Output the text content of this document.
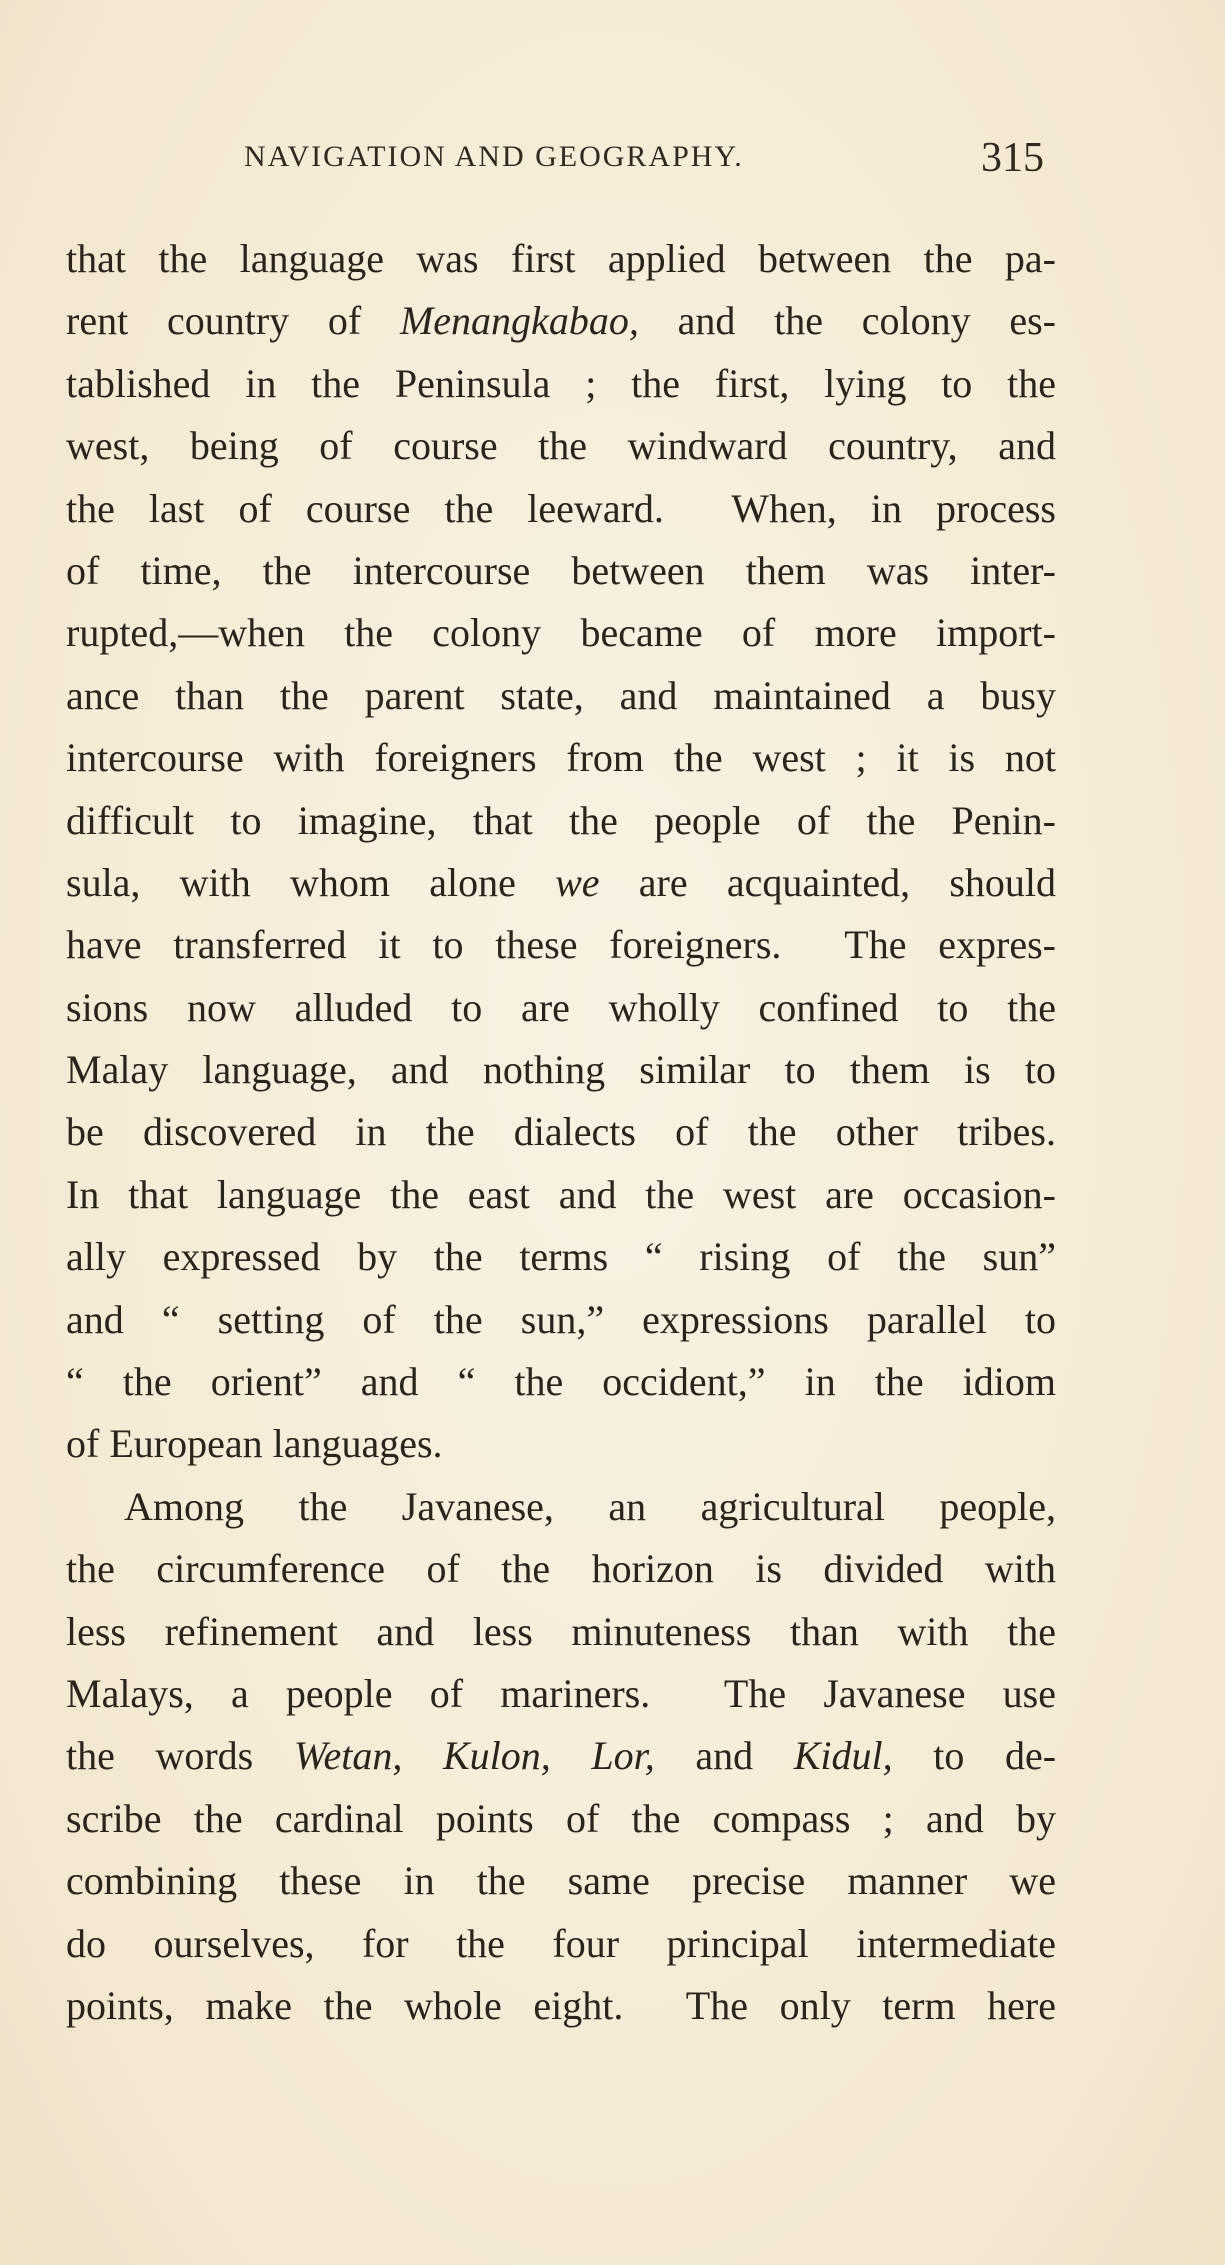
NAVIGATION AND GEOGRAPHY.	315
that the language was first applied between the pa-
rent country of Menangkabao, and the colony es-
tablished in the Peninsula ; the first, lying to the
west, being of course the windward country, and
the last of course the leeward.  When, in process
of time, the intercourse between them was inter-
rupted,—when the colony became of more import-
ance than the parent state, and maintained a busy
intercourse with foreigners from the west ; it is not
difficult to imagine, that the people of the Penin-
sula, with whom alone we are acquainted, should
have transferred it to these foreigners.  The expres-
sions now alluded to are wholly confined to the
Malay language, and nothing similar to them is to
be discovered in the dialects of the other tribes.
In that language the east and the west are occasion-
ally expressed by the terms “ rising of the sun”
and “ setting of the sun,” expressions parallel to
“ the orient” and “ the occident,” in the idiom
of European languages.
Among the Javanese, an agricultural people,
the circumference of the horizon is divided with
less refinement and less minuteness than with the
Malays, a people of mariners.  The Javanese use
the words Wetan, Kulon, Lor, and Kidul, to de-
scribe the cardinal points of the compass ; and by
combining these in the same precise manner we
do ourselves, for the four principal intermediate
points, make the whole eight.  The only term here
